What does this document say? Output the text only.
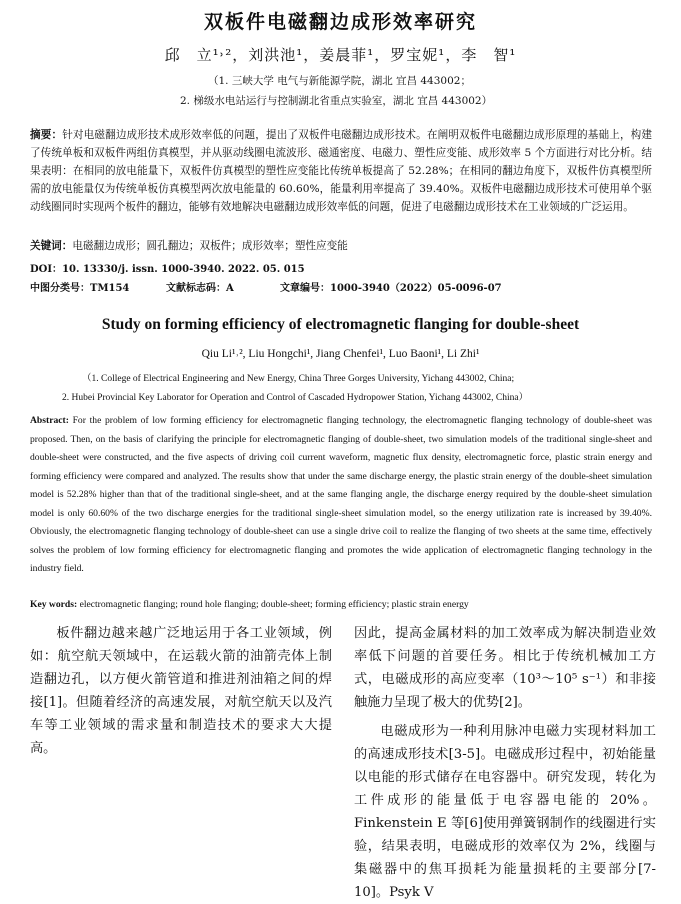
双板件电磁翻边成形效率研究
邱　立¹˒²，刘洪池¹，姜晨菲¹，罗宝妮¹，李　智¹
（1. 三峡大学 电气与新能源学院，湖北 宜昌 443002；
2. 梯级水电站运行与控制湖北省重点实验室，湖北 宜昌 443002）
摘要：针对电磁翻边成形技术成形效率低的问题，提出了双板件电磁翻边成形技术。在阐明双板件电磁翻边成形原理的基础上，构建了传统单板和双板件两组仿真模型，并从驱动线圈电流波形、磁通密度、电磁力、塑性应变能、成形效率 5 个方面进行对比分析。结果表明：在相同的放电能量下，双板件仿真模型的塑性应变能比传统单板提高了 52.28%；在相同的翻边角度下，双板件仿真模型所需的放电能量仅为传统单板仿真模型两次放电能量的 60.60%，能量利用率提高了 39.40%。双板件电磁翻边成形技术可使用单个驱动线圈同时实现两个板件的翻边，能够有效地解决电磁翻边成形效率低的问题，促进了电磁翻边成形技术在工业领域的广泛运用。
关键词：电磁翻边成形；圆孔翻边；双板件；成形效率；塑性应变能
DOI：10. 13330/j. issn. 1000-3940. 2022. 05. 015
中图分类号：TM154	文献标志码：A	文章编号：1000-3940（2022）05-0096-07
Study on forming efficiency of electromagnetic flanging for double-sheet
Qiu Li¹˒², Liu Hongchi¹, Jiang Chenfei¹, Luo Baoni¹, Li Zhi¹
（1. College of Electrical Engineering and New Energy, China Three Gorges University, Yichang 443002, China;
2. Hubei Provincial Key Laborator for Operation and Control of Cascaded Hydropower Station, Yichang 443002, China）
Abstract: For the problem of low forming efficiency for electromagnetic flanging technology, the electromagnetic flanging technology of double-sheet was proposed. Then, on the basis of clarifying the principle for electromagnetic flanging of double-sheet, two simulation models of the traditional single-sheet and double-sheet were constructed, and the five aspects of driving coil current waveform, magnetic flux density, electromagnetic force, plastic strain energy and forming efficiency were compared and analyzed. The results show that under the same discharge energy, the plastic strain energy of the double-sheet simulation model is 52.28% higher than that of the traditional single-sheet, and at the same flanging angle, the discharge energy required by the double-sheet simulation model is only 60.60% of the two discharge energies for the traditional single-sheet simulation model, so the energy utilization rate is increased by 39.40%. Obviously, the electromagnetic flanging technology of double-sheet can use a single drive coil to realize the flanging of two sheets at the same time, effectively solves the problem of low forming efficiency for electromagnetic flanging and promotes the wide application of electromagnetic flanging technology in the industry field.
Key words: electromagnetic flanging; round hole flanging; double-sheet; forming efficiency; plastic strain energy

板件翻边越来越广泛地运用于各工业领域，例如：航空航天领域中，在运载火箭的油箭壳体上制造翻边孔，以方便火箭管道和推进剂油箱之间的焊接[1]。但随着经济的高速发展，对航空航天以及汽车等工业领域的需求量和制造技术的要求大大提高。

因此，提高金属材料的加工效率成为解决制造业效率低下问题的首要任务。相比于传统机械加工方式，电磁成形的高应变率（10³～10⁵ s⁻¹）和非接触施力呈现了极大的优势[2]。

电磁成形为一种利用脉冲电磁力实现材料加工的高速成形技术[3-5]。电磁成形过程中，初始能量以电能的形式储存在电容器中。研究发现，转化为工件成形的能量低于电容器电能的 20%。Finkenstein E 等[6]使用弹簧钢制作的线圈进行实验，结果表明，电磁成形的效率仅为 2%，线圈与集磁器中的焦耳损耗为能量损耗的主要部分[7-10]。Psyk V
